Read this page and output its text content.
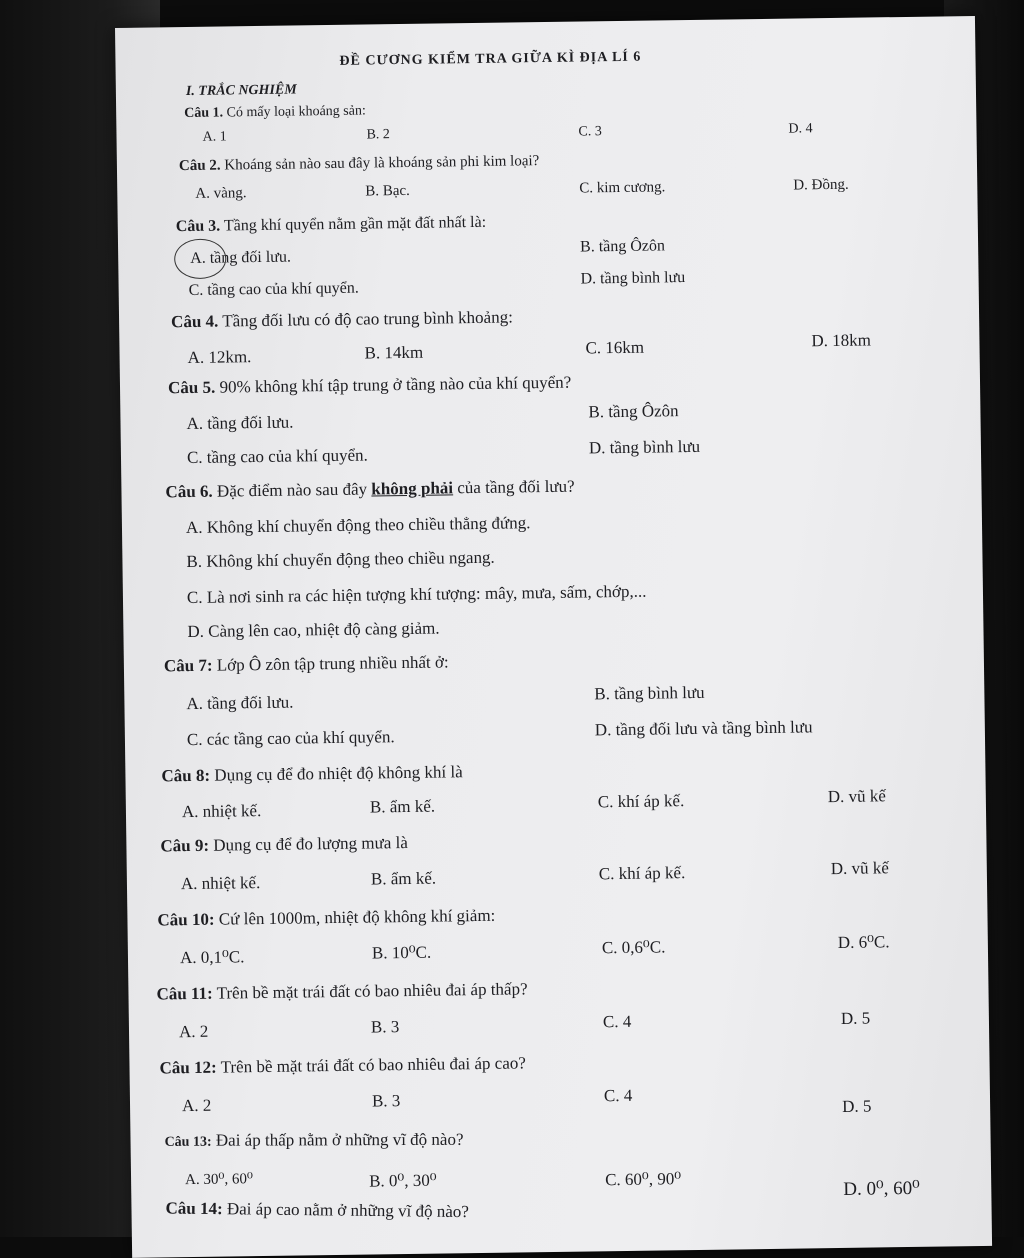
ĐỀ CƯƠNG KIỂM TRA GIỮA KÌ ĐỊA LÍ 6
I. TRẮC NGHIỆM
Câu 1. Có mấy loại khoáng sản:
A. 1	B. 2	C. 3	D. 4
Câu 2. Khoáng sản nào sau đây là khoáng sản phi kim loại?
A. vàng.	B. Bạc.	C. kim cương.	D. Đồng.
Câu 3. Tầng khí quyển nằm gần mặt đất nhất là:
A. tầng đối lưu.
B. tầng Ôzôn
C. tầng cao của khí quyển.
D. tầng bình lưu
Câu 4. Tầng đối lưu có độ cao trung bình khoảng:
A. 12km.	B. 14km	C. 16km	D. 18km
Câu 5. 90% không khí tập trung ở tầng nào của khí quyển?
A. tầng đối lưu.
B. tầng Ôzôn
C. tầng cao của khí quyển.	D. tầng bình lưu
Câu 6. Đặc điểm nào sau đây không phải của tầng đối lưu?
A. Không khí chuyển động theo chiều thẳng đứng.
B. Không khí chuyển động theo chiều ngang.
C. Là nơi sinh ra các hiện tượng khí tượng: mây, mưa, sấm, chớp,...
D. Càng lên cao, nhiệt độ càng giảm.
Câu 7: Lớp Ô zôn tập trung nhiều nhất ở:
A. tầng đối lưu.	B. tầng bình lưu
C. các tầng cao của khí quyển.	D. tầng đối lưu và tầng bình lưu
Câu 8: Dụng cụ để đo nhiệt độ không khí là
A. nhiệt kế.	B. ẩm kế.	C. khí áp kế.	D. vũ kế
Câu 9: Dụng cụ để đo lượng mưa là
A. nhiệt kế.	B. ẩm kế.	C. khí áp kế.	D. vũ kế
Câu 10: Cứ lên 1000m, nhiệt độ không khí giảm:
A. 0,1⁰C.	B. 10⁰C.	C. 0,6⁰C.	D. 6⁰C.
Câu 11: Trên bề mặt trái đất có bao nhiêu đai áp thấp?
A. 2	B. 3	C. 4	D. 5
Câu 12: Trên bề mặt trái đất có bao nhiêu đai áp cao?
A. 2	B. 3	C. 4
D. 5
Câu 13: Đai áp thấp nằm ở những vĩ độ nào?
A. 30⁰, 60⁰	B. 0⁰, 30⁰	C. 60⁰, 90⁰	D. 0⁰, 60⁰
Câu 14: Đai áp cao nằm ở những vĩ độ nào?
